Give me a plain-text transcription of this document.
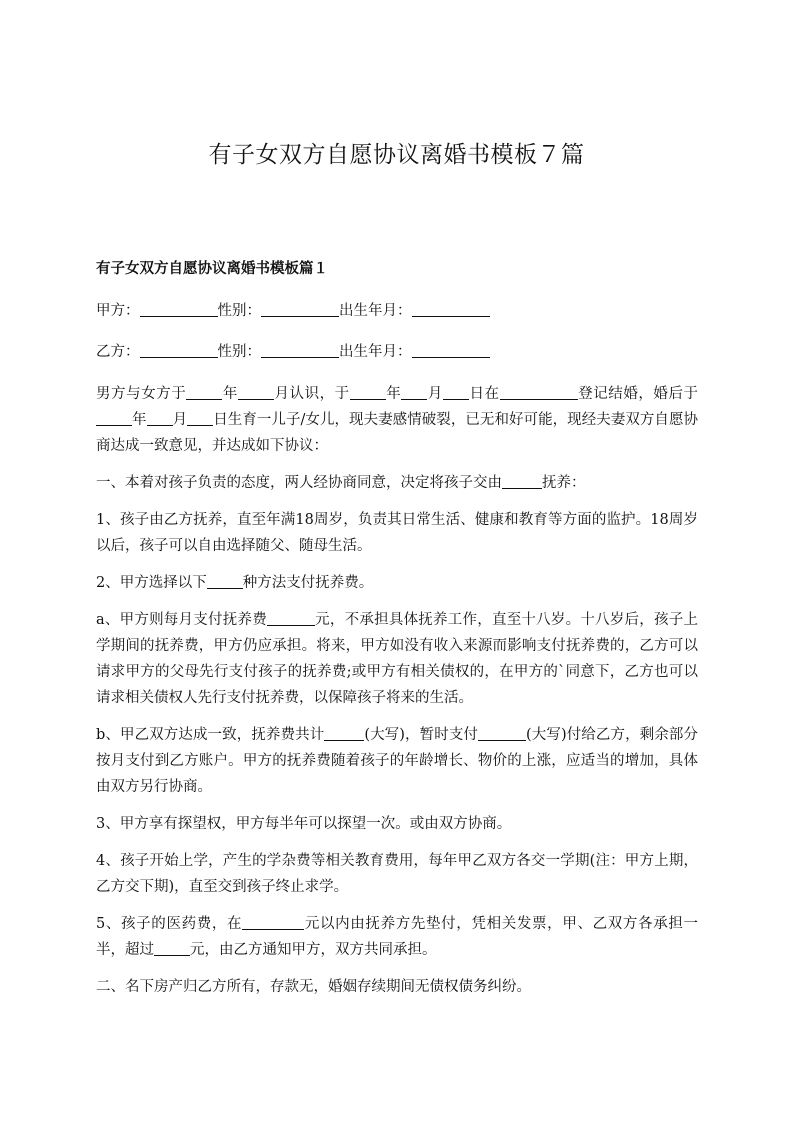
有子女双方自愿协议离婚书模板７篇
有子女双方自愿协议离婚书模板篇１

甲方：	性别：	出生年月：

乙方：	性别：	出生年月：

男方与女方于 年 月认识，于 年 月 日在	登记结婚，婚后于年 月 日生育一儿子/女儿，现夫妻感情破裂，已无和好可能，现经夫妻双方自愿协商达成一致意见，并达成如下协议：

一、本着对孩子负责的态度，两人经协商同意，决定将孩子交由	抚养：

1、孩子由乙方抚养，直至年满18周岁，负责其日常生活、健康和教育等方面的监护。18周岁以后，孩子可以自由选择随父、随母生活。

2、甲方选择以下 种方法支付抚养费。

a、甲方则每月支付抚养费	元，不承担具体抚养工作，直至十八岁。十八岁后，孩子上学期间的抚养费，甲方仍应承担。将来，甲方如没有收入来源而影响支付抚养费的，乙方可以请求甲方的父母先行支付孩子的抚养费;或甲方有相关债权的，在甲方的`同意下，乙方也可以请求相关债权人先行支付抚养费，以保障孩子将来的生活。

b、甲乙双方达成一致，抚养费共计	(大写)，暂时支付	(大写)付给乙方，剩余部分按月支付到乙方账户。甲方的抚养费随着孩子的年龄增长、物价的上涨，应适当的增加，具体由双方另行协商。

3、甲方享有探望权，甲方每半年可以探望一次。或由双方协商。

4、孩子开始上学，产生的学杂费等相关教育费用，每年甲乙双方各交一学期(注：甲方上期，乙方交下期)，直至交到孩子终止求学。

5、孩子的医药费，在	元以内由抚养方先垫付，凭相关发票，甲、乙双方各承担一半，超过 元，由乙方通知甲方，双方共同承担。

二、名下房产归乙方所有，存款无，婚姻存续期间无债权债务纠纷。
